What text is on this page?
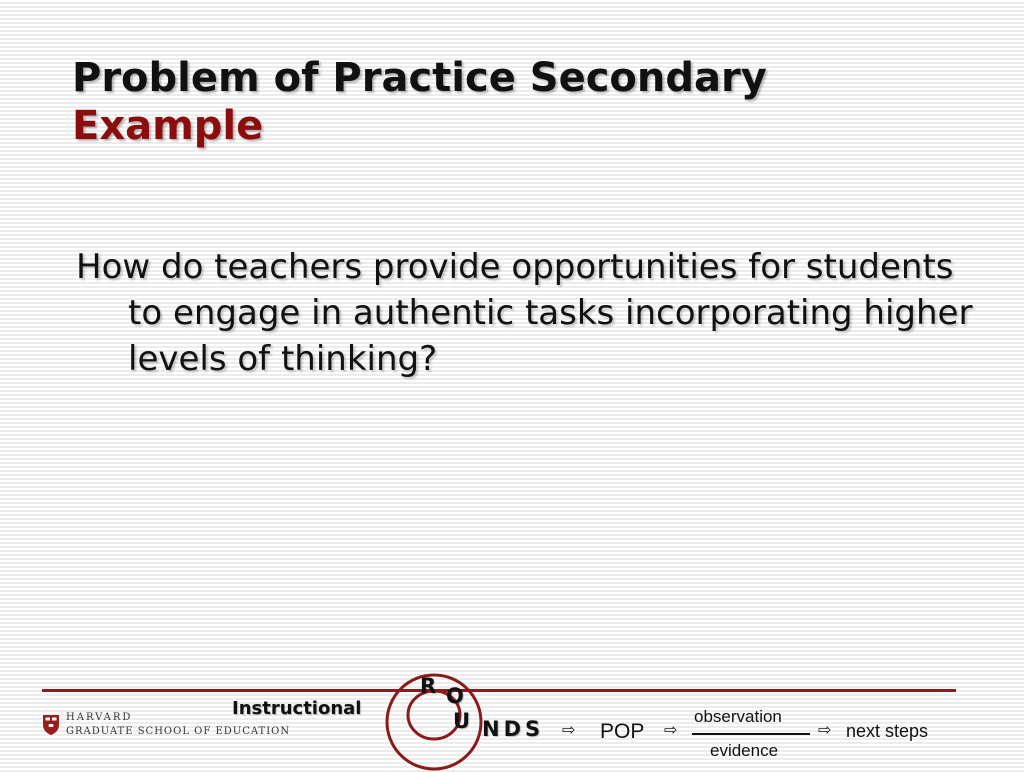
Problem of Practice Secondary
Example

How do teachers provide opportunities for students to engage in authentic tasks incorporating higher levels of thinking?

HARVARD
GRADUATE SCHOOL OF EDUCATION
Instructional
R O
U NDS ⇨ POP ⇨
observation
evidence
⇨ next steps
